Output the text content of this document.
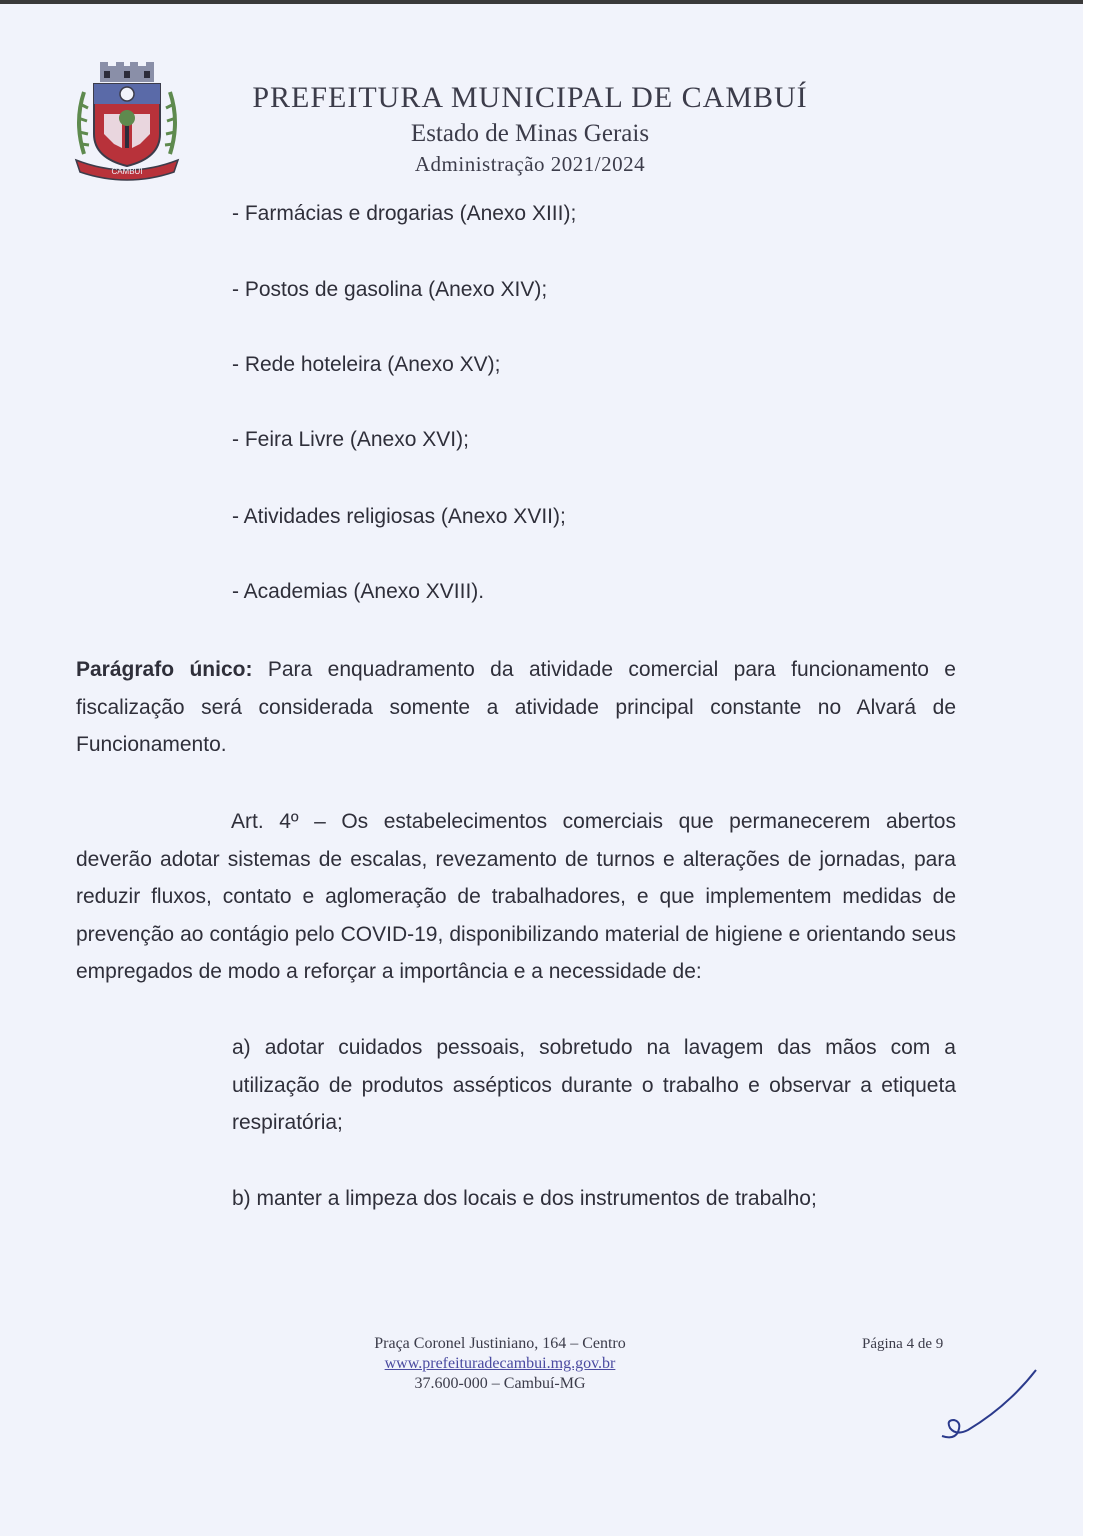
CAMBUÍ
PREFEITURA MUNICIPAL DE CAMBUÍ
Estado de Minas Gerais
Administração 2021/2024
- Farmácias e drogarias (Anexo XIII);
- Postos de gasolina (Anexo XIV);
- Rede hoteleira (Anexo XV);
- Feira Livre (Anexo XVI);
- Atividades religiosas (Anexo XVII);
- Academias (Anexo XVIII).
Parágrafo único: Para enquadramento da atividade comercial para funcionamento e fiscalização será considerada somente a atividade principal constante no Alvará de Funcionamento.
Art. 4º – Os estabelecimentos comerciais que permanecerem abertos deverão adotar sistemas de escalas, revezamento de turnos e alterações de jornadas, para reduzir fluxos, contato e aglomeração de trabalhadores, e que implementem medidas de prevenção ao contágio pelo COVID-19, disponibilizando material de higiene e orientando seus empregados de modo a reforçar a importância e a necessidade de:
a) adotar cuidados pessoais, sobretudo na lavagem das mãos com a utilização de produtos assépticos durante o trabalho e observar a etiqueta respiratória;
b) manter a limpeza dos locais e dos instrumentos de trabalho;
Praça Coronel Justiniano, 164 – Centro
www.prefeituradecambui.mg.gov.br
37.600-000 – Cambuí-MG
Página 4 de 9
